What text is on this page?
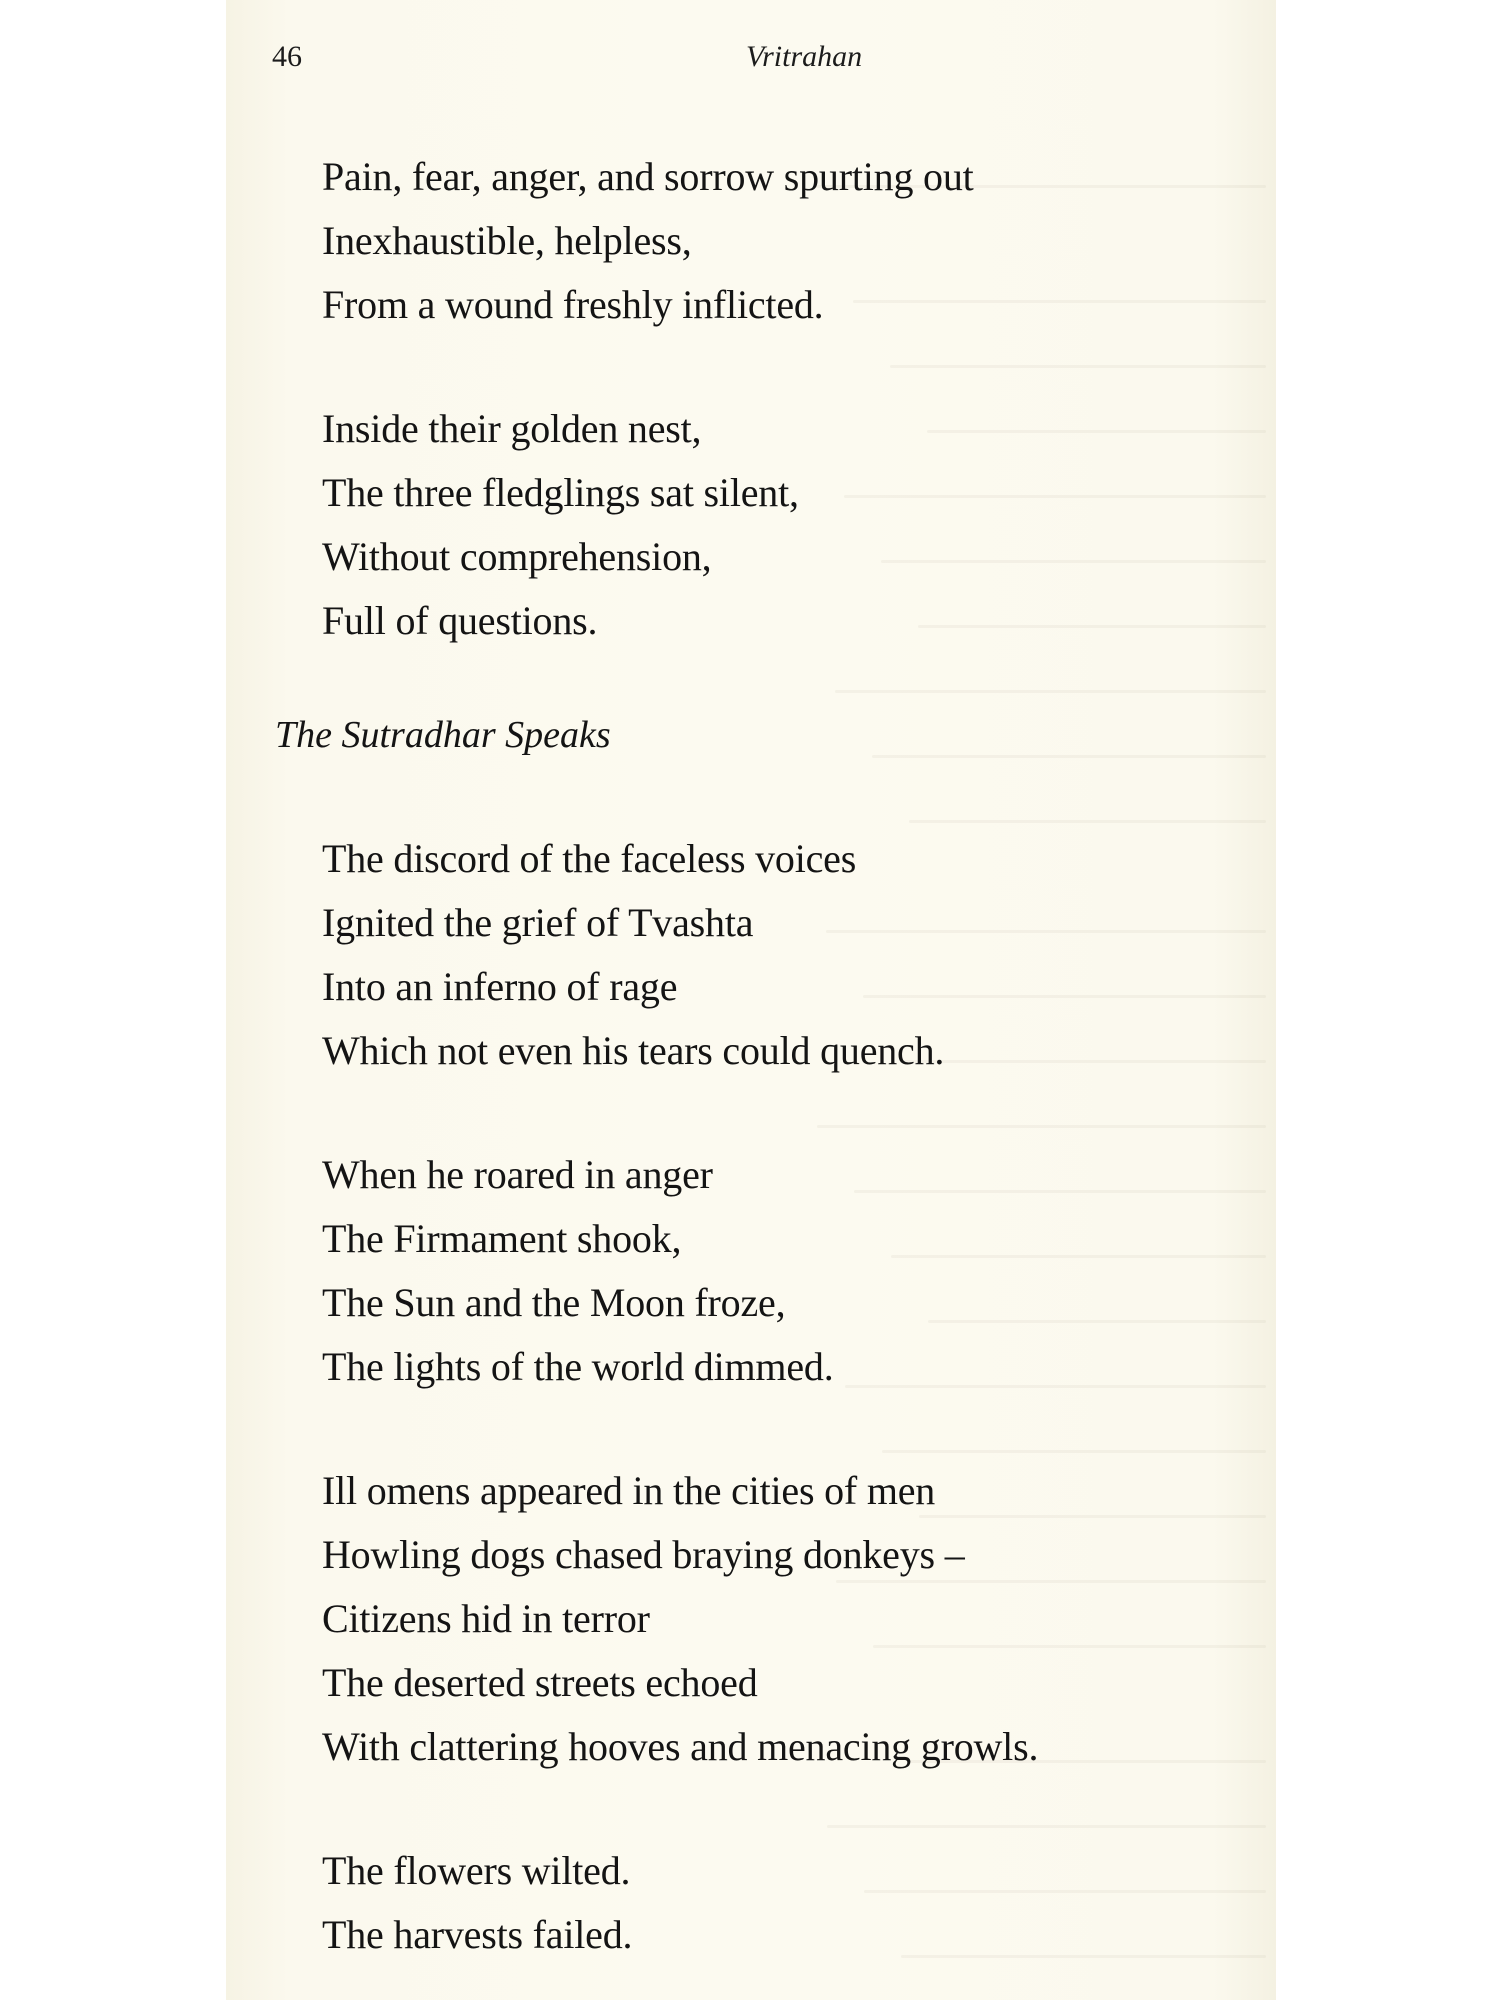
46	Vritrahan
Pain, fear, anger, and sorrow spurting out
Inexhaustible, helpless,
From a wound freshly inflicted.
Inside their golden nest,
The three fledglings sat silent,
Without comprehension,
Full of questions.
The Sutradhar Speaks
The discord of the faceless voices
Ignited the grief of Tvashta
Into an inferno of rage
Which not even his tears could quench.
When he roared in anger
The Firmament shook,
The Sun and the Moon froze,
The lights of the world dimmed.
Ill omens appeared in the cities of men
Howling dogs chased braying donkeys –
Citizens hid in terror
The deserted streets echoed
With clattering hooves and menacing growls.
The flowers wilted.
The harvests failed.
